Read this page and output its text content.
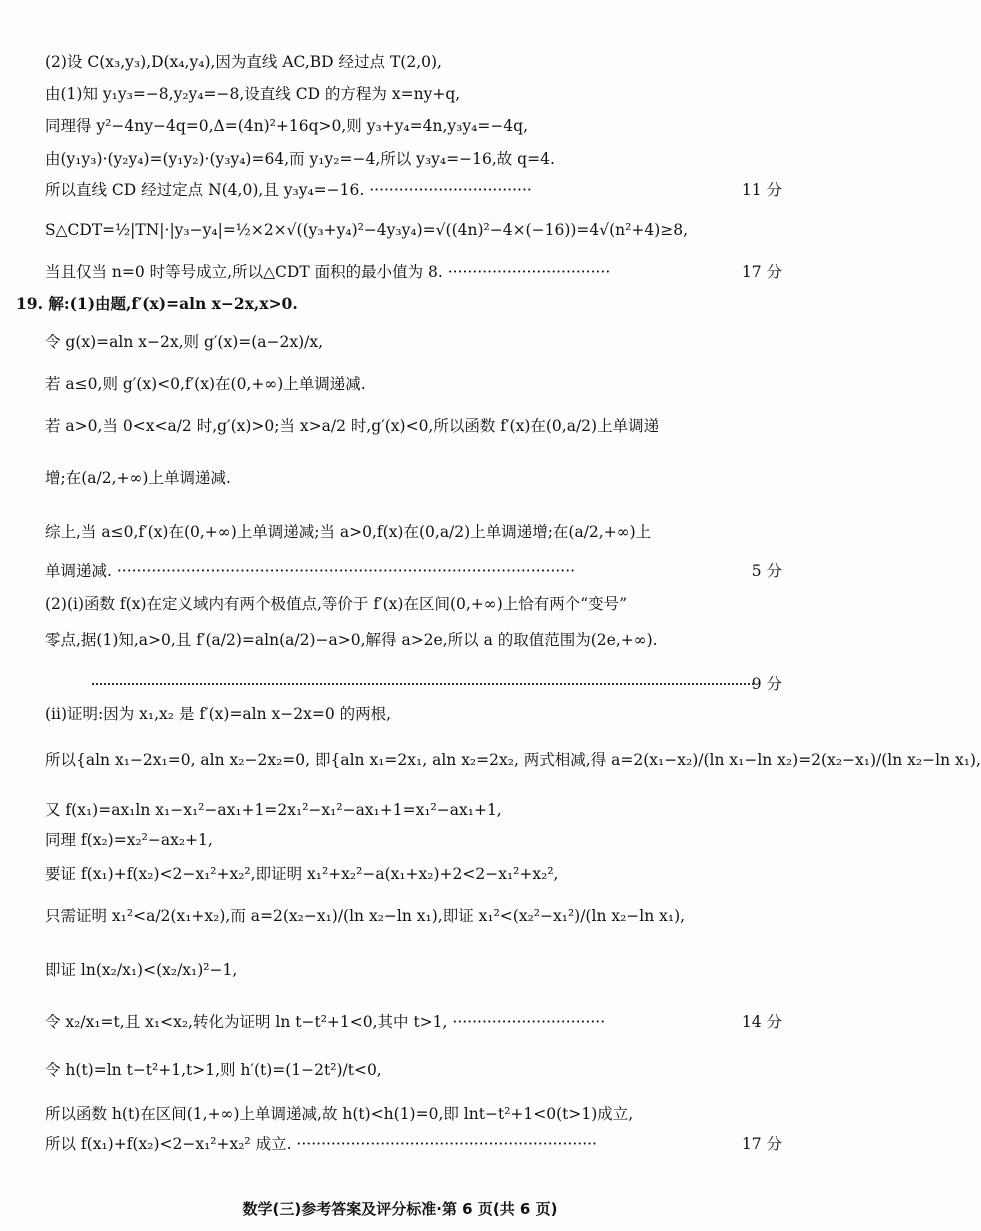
(2)设 C(x₃,y₃),D(x₄,y₄),因为直线 AC,BD 经过点 T(2,0),
由(1)知 y₁y₃=−8,y₂y₄=−8,设直线 CD 的方程为 x=ny+q,
同理得 y²−4ny−4q=0,Δ=(4n)²+16q>0,则 y₃+y₄=4n,y₃y₄=−4q,
由(y₁y₃)·(y₂y₄)=(y₁y₂)·(y₃y₄)=64,而 y₁y₂=−4,所以 y₃y₄=−16,故 q=4.
所以直线 CD 经过定点 N(4,0),且 y₃y₄=−16. ·································	11 分
S△CDT=½|TN|·|y₃−y₄|=½×2×√((y₃+y₄)²−4y₃y₄)=√((4n)²−4×(−16))=4√(n²+4)≥8,
当且仅当 n=0 时等号成立,所以△CDT 面积的最小值为 8. ·································	17 分
19. 解:(1)由题,f′(x)=aln x−2x,x>0.
令 g(x)=aln x−2x,则 g′(x)=(a−2x)/x,
若 a≤0,则 g′(x)<0,f′(x)在(0,+∞)上单调递减.
若 a>0,当 0<x<a/2 时,g′(x)>0;当 x>a/2 时,g′(x)<0,所以函数 f′(x)在(0,a/2)上单调递
增;在(a/2,+∞)上单调递减.
综上,当 a≤0,f′(x)在(0,+∞)上单调递减;当 a>0,f(x)在(0,a/2)上单调递增;在(a/2,+∞)上
单调递减. ·····························································································	5 分
(2)(ⅰ)函数 f(x)在定义域内有两个极值点,等价于 f′(x)在区间(0,+∞)上恰有两个“变号”
零点,据(1)知,a>0,且 f′(a/2)=aln(a/2)−a>0,解得 a>2e,所以 a 的取值范围为(2e,+∞).
9 分
(ⅱ)证明:因为 x₁,x₂ 是 f′(x)=aln x−2x=0 的两根,
所以{aln x₁−2x₁=0, aln x₂−2x₂=0, 即{aln x₁=2x₁, aln x₂=2x₂, 两式相减,得 a=2(x₁−x₂)/(ln x₁−ln x₂)=2(x₂−x₁)/(ln x₂−ln x₁),
又 f(x₁)=ax₁ln x₁−x₁²−ax₁+1=2x₁²−x₁²−ax₁+1=x₁²−ax₁+1,
同理 f(x₂)=x₂²−ax₂+1,
要证 f(x₁)+f(x₂)<2−x₁²+x₂²,即证明 x₁²+x₂²−a(x₁+x₂)+2<2−x₁²+x₂²,
只需证明 x₁²<a/2(x₁+x₂),而 a=2(x₂−x₁)/(ln x₂−ln x₁),即证 x₁²<(x₂²−x₁²)/(ln x₂−ln x₁),
即证 ln(x₂/x₁)<(x₂/x₁)²−1,
令 x₂/x₁=t,且 x₁<x₂,转化为证明 ln t−t²+1<0,其中 t>1, ·······························	14 分
令 h(t)=ln t−t²+1,t>1,则 h′(t)=(1−2t²)/t<0,
所以函数 h(t)在区间(1,+∞)上单调递减,故 h(t)<h(1)=0,即 lnt−t²+1<0(t>1)成立,
所以 f(x₁)+f(x₂)<2−x₁²+x₂² 成立. ·····························································	17 分
数学(三)参考答案及评分标准·第 6 页(共 6 页)
